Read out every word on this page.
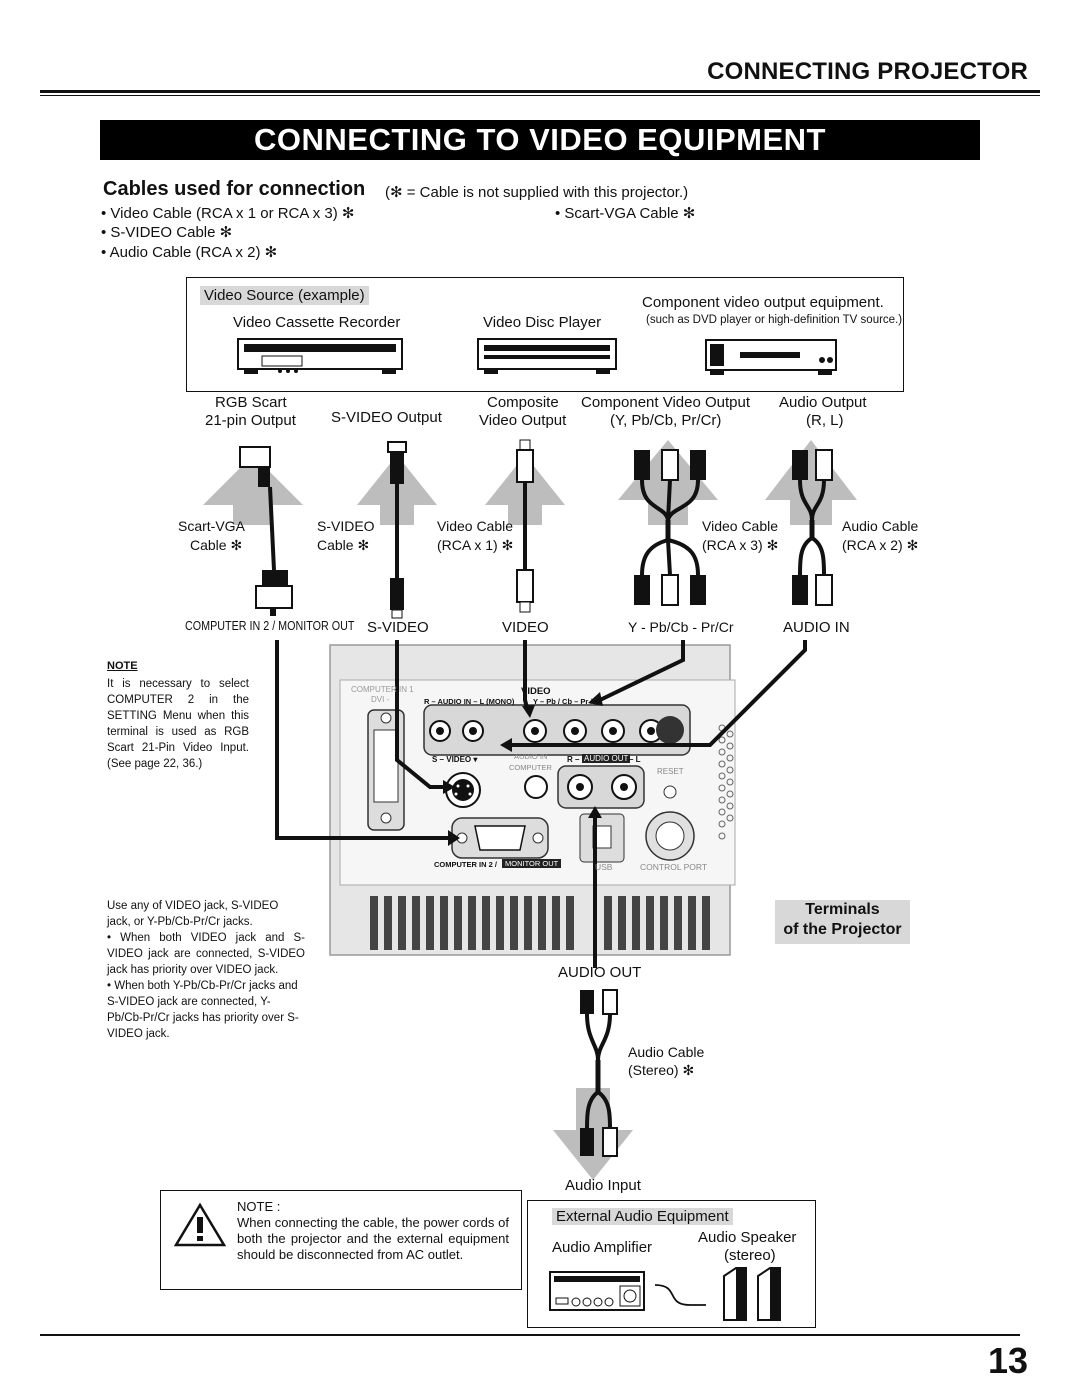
CONNECTING PROJECTOR
CONNECTING TO VIDEO EQUIPMENT
Cables used for connection (✻ = Cable is not supplied with this projector.)
• Video Cable (RCA x 1 or RCA x 3) ✻
• S-VIDEO Cable ✻
• Audio Cable (RCA x 2) ✻
• Scart-VGA Cable ✻
Video Source (example)
Video Cassette Recorder	Video Disc Player
Component video output equipment.
(such as DVD player or high-definition TV source.)
RGB Scart
21-pin Output S-VIDEO Output
Composite
Video Output
Component Video Output
(Y, Pb/Cb, Pr/Cr)
Audio Output
(R, L)
Scart-VGA
Cable ✻
S-VIDEO
Cable ✻
Video Cable
(RCA x 1) ✻
Video Cable
(RCA x 3) ✻
Audio Cable
(RCA x 2) ✻
COMPUTER IN 2 / MONITOR OUT S-VIDEO	VIDEO	Y - Pb/Cb - Pr/Cr	AUDIO IN
COMPUTER IN 1
DVI -	R – AUDIO IN – L (MONO)
VIDEO
Y – Pb / Cb – Pr / Cr
S – VIDEO ▾	AUDIO IN
COMPUTER
R – AUDIO OUT – L
RESET
COMPUTER IN 2 /	MONITOR OUT	USB	CONTROL PORT
NOTE
It is necessary to select COMPUTER 2 in the SETTING Menu when this terminal is used as RGB Scart 21-Pin Video Input. (See page 22, 36.)
Use any of VIDEO jack, S-VIDEO jack, or Y-Pb/Cb-Pr/Cr jacks.
• When both VIDEO jack and S-VIDEO jack are connected, S-VIDEO jack has priority over VIDEO jack.
• When both Y-Pb/Cb-Pr/Cr jacks and S-VIDEO jack are connected, Y-Pb/Cb-Pr/Cr jacks has priority over S-VIDEO jack.
Terminals
of the Projector
AUDIO OUT
Audio Cable
(Stereo) ✻
Audio Input
NOTE :
When connecting the cable, the power cords of both the projector and the external equipment should be disconnected from AC outlet.
External Audio Equipment
Audio Amplifier
Audio Speaker
(stereo)
13
